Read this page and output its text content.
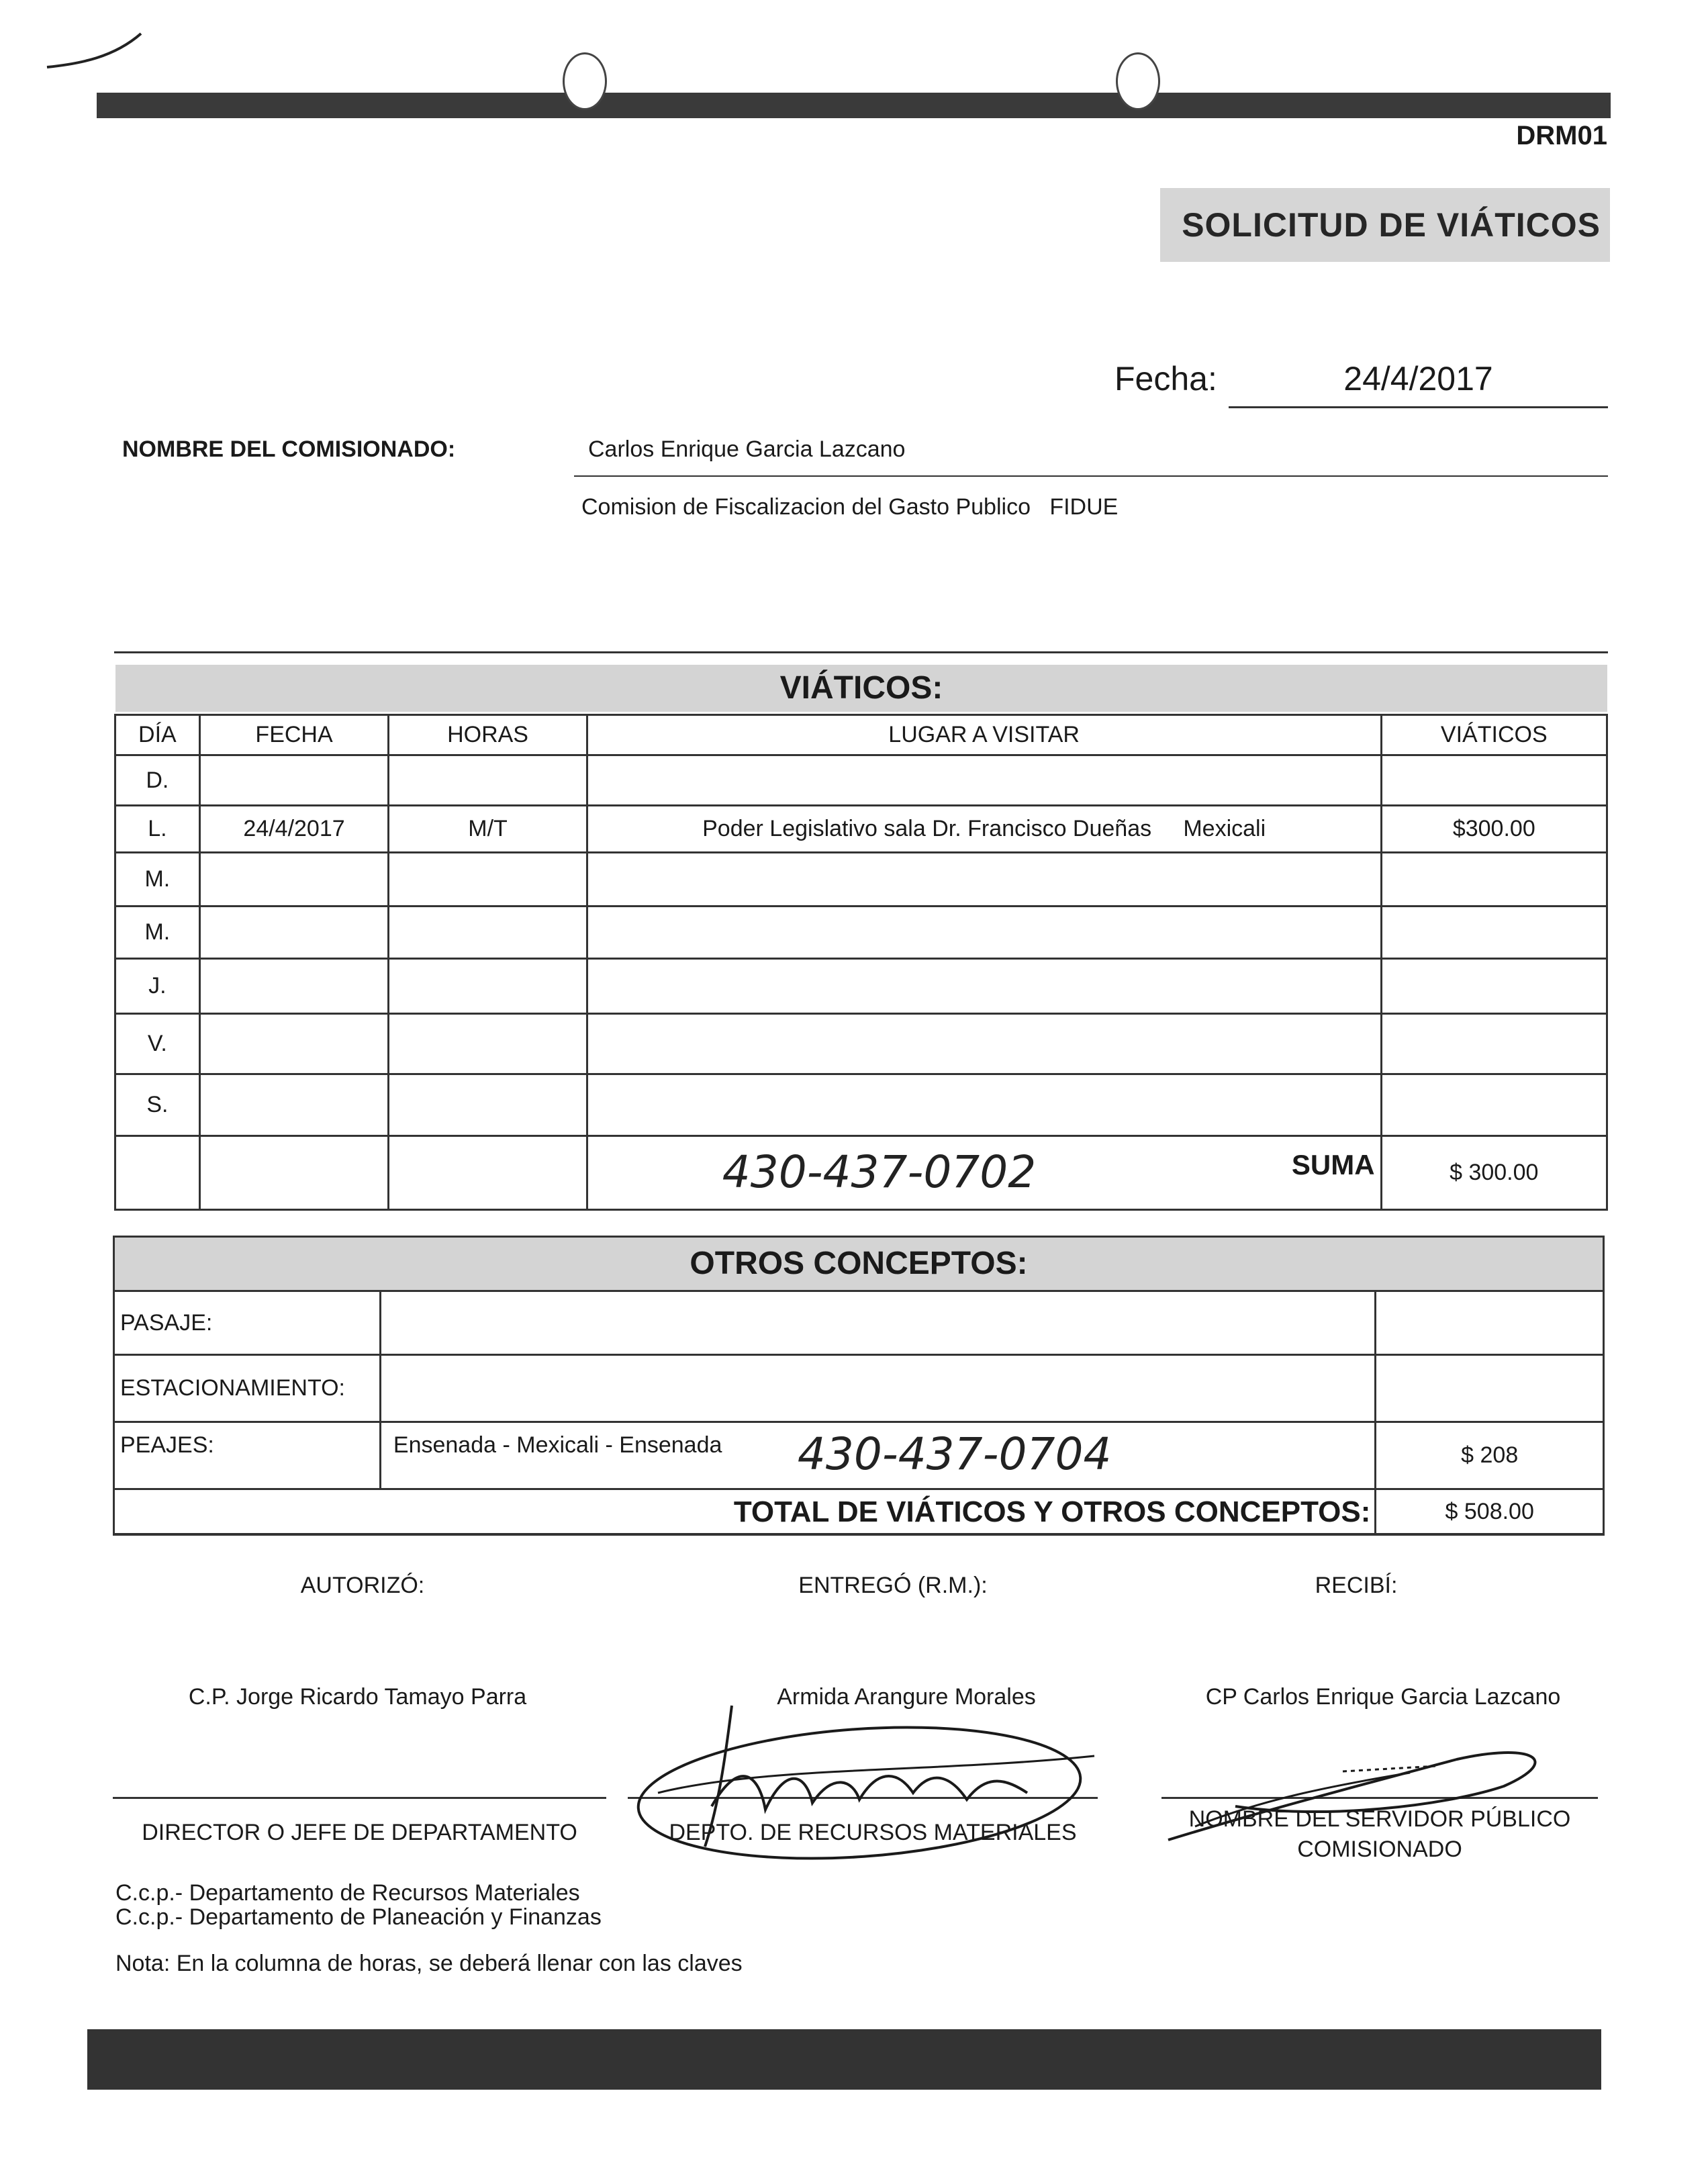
DRM01
SOLICITUD DE VIÁTICOS
Fecha:	24/4/2017
NOMBRE DEL COMISIONADO:	Carlos Enrique Garcia Lazcano
Comision de Fiscalizacion del Gasto Publico   FIDUE
VIÁTICOS:
DÍA	FECHA	HORAS	LUGAR A VISITAR	VIÁTICOS
D.				
L.	24/4/2017	M/T	Poder Legislativo sala Dr. Francisco Dueñas     Mexicali	$300.00
M.				
M.				
J.				
V.				
S.				

			430-437-0702 SUMA	$ 300.00
OTROS CONCEPTOS:
PASAJE:		
ESTACIONAMIENTO:		
PEAJES:	Ensenada - Mexicali - Ensenada 430-437-0704	$ 208
TOTAL DE VIÁTICOS Y OTROS CONCEPTOS:		$ 508.00
AUTORIZÓ:	ENTREGÓ (R.M.):	RECIBÍ:
C.P. Jorge Ricardo Tamayo Parra	Armida Arangure Morales	CP Carlos Enrique Garcia Lazcano
DIRECTOR O JEFE DE DEPARTAMENTO	DEPTO. DE RECURSOS MATERIALES
NOMBRE DEL SERVIDOR PÚBLICO
COMISIONADO
C.c.p.- Departamento de Recursos Materiales
C.c.p.- Departamento de Planeación y Finanzas
Nota: En la columna de horas, se deberá llenar con las claves
